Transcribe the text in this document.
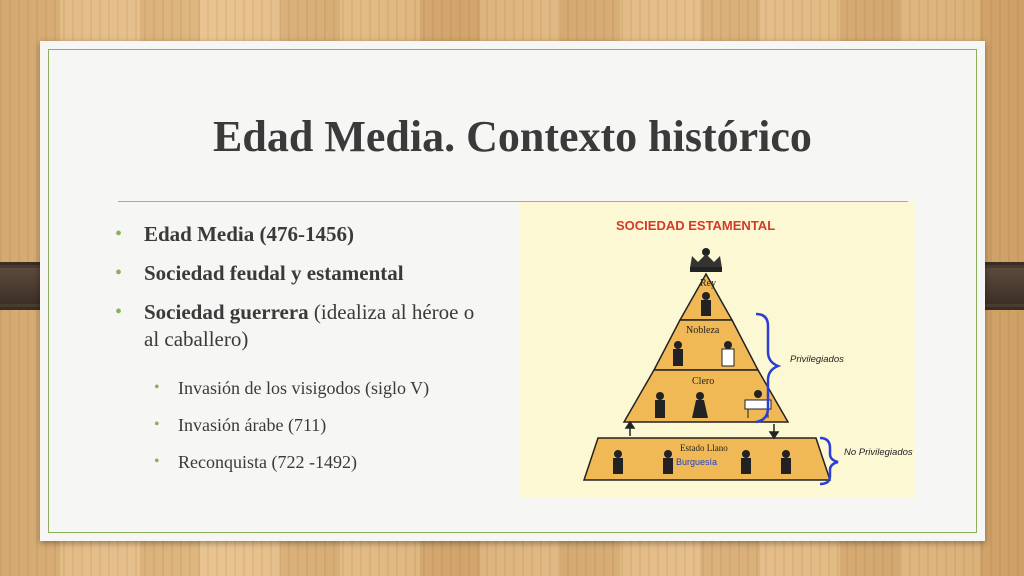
Edad Media. Contexto histórico
• Edad Media (476-1456)
• Sociedad feudal y estamental
• Sociedad guerrera (idealiza al héroe o al caballero)
• Invasión de los visigodos (siglo V)
• Invasión árabe (711)
• Reconquista (722 -1492)
SOCIEDAD ESTAMENTAL
Rey
Nobleza
Clero
Estado Llano
Burguesía
Privilegiados
No Privilegiados
